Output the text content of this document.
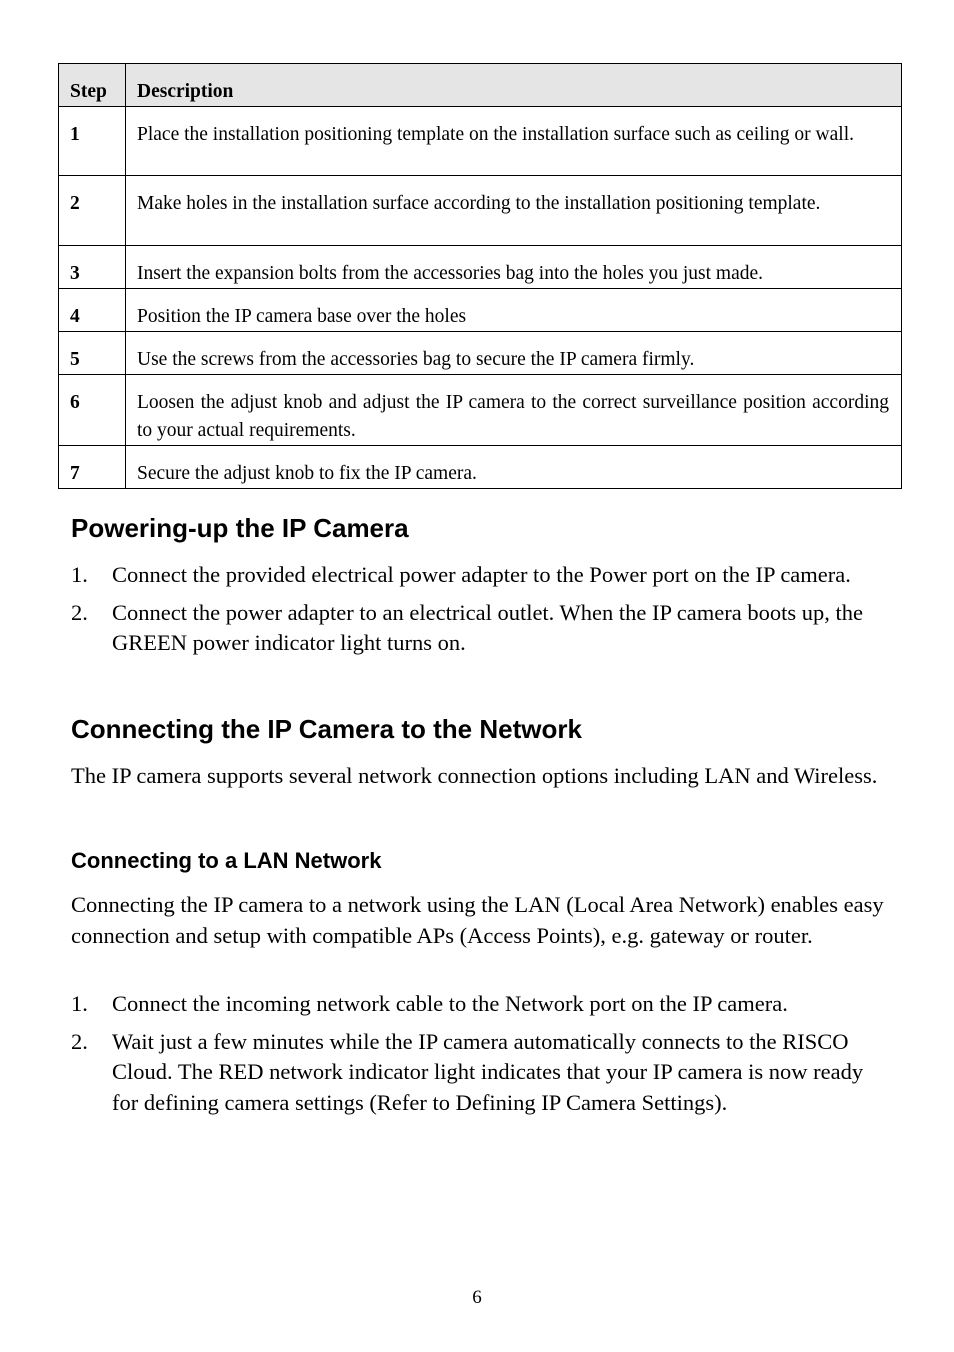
Step	Description
1	Place the installation positioning template on the installation surface such as ceiling or wall.
2	Make holes in the installation surface according to the installation positioning template.
3	Insert the expansion bolts from the accessories bag into the holes you just made.
4	Position the IP camera base over the holes
5	Use the screws from the accessories bag to secure the IP camera firmly.
6	Loosen the adjust knob and adjust the IP camera to the correct surveillance position according to your actual requirements.
7	Secure the adjust knob to fix the IP camera.
Powering-up the IP Camera
1. Connect the provided electrical power adapter to the Power port on the IP camera.
2. Connect the power adapter to an electrical outlet. When the IP camera boots up, the GREEN power indicator light turns on.
Connecting the IP Camera to the Network

The IP camera supports several network connection options including LAN and Wireless.

Connecting to a LAN Network

Connecting the IP camera to a network using the LAN (Local Area Network) enables easy connection and setup with compatible APs (Access Points), e.g. gateway or router.

1. Connect the incoming network cable to the Network port on the IP camera.
2. Wait just a few minutes while the IP camera automatically connects to the RISCO Cloud. The RED network indicator light indicates that your IP camera is now ready for defining camera settings (Refer to Defining IP Camera Settings).
6
